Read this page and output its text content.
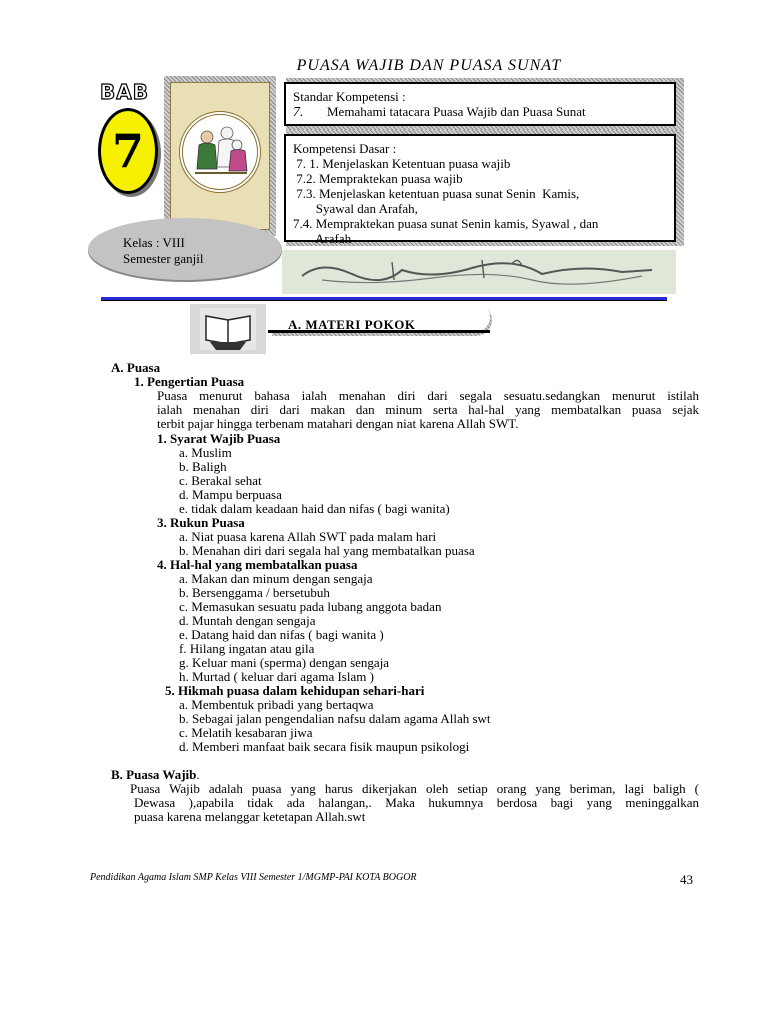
PUASA WAJIB DAN PUASA SUNAT
BAB
7
Standar Kompetensi :
7. Memahami tatacara Puasa Wajib dan Puasa Sunat
Kompetensi Dasar :
7. 1. Menjelaskan Ketentuan puasa wajib
7.2. Mempraktekan puasa wajib
7.3. Menjelaskan ketentuan puasa sunat Senin  Kamis,
Syawal dan Arafah,
7.4. Mempraktekan puasa sunat Senin kamis, Syawal , dan
Arafah
Kelas : VIII
Semester ganjil
A. MATERI POKOK
A. Puasa
1. Pengertian Puasa
Puasa menurut bahasa ialah menahan diri dari segala sesuatu.sedangkan menurut istilah
ialah menahan diri dari makan dan minum serta hal-hal yang membatalkan puasa sejak
terbit pajar hingga terbenam matahari dengan niat karena Allah SWT.
1. Syarat Wajib Puasa
a. Muslim
b. Baligh
c. Berakal sehat
d. Mampu berpuasa
e. tidak dalam keadaan haid dan nifas ( bagi wanita)
3. Rukun Puasa
a. Niat puasa karena Allah SWT pada malam hari
b. Menahan diri dari segala hal yang membatalkan puasa
4. Hal-hal yang membatalkan puasa
a. Makan dan minum dengan sengaja
b. Bersenggama / bersetubuh
c. Memasukan sesuatu pada lubang anggota badan
d. Muntah dengan sengaja
e. Datang haid dan nifas ( bagi wanita )
f. Hilang ingatan atau gila
g. Keluar mani (sperma) dengan sengaja
h. Murtad ( keluar dari agama Islam )
5. Hikmah puasa dalam kehidupan sehari-hari
a. Membentuk pribadi yang bertaqwa
b. Sebagai jalan pengendalian nafsu dalam agama Allah swt
c. Melatih kesabaran jiwa
d. Memberi manfaat baik secara fisik maupun psikologi
B. Puasa Wajib.
Puasa Wajib adalah puasa yang harus dikerjakan oleh setiap orang yang beriman, lagi baligh (
Dewasa ),apabila tidak ada halangan,. Maka hukumnya berdosa bagi yang meninggalkan
puasa karena melanggar ketetapan Allah.swt
Pendidikan Agama Islam SMP Kelas VIII Semester 1/MGMP-PAI KOTA BOGOR	43
